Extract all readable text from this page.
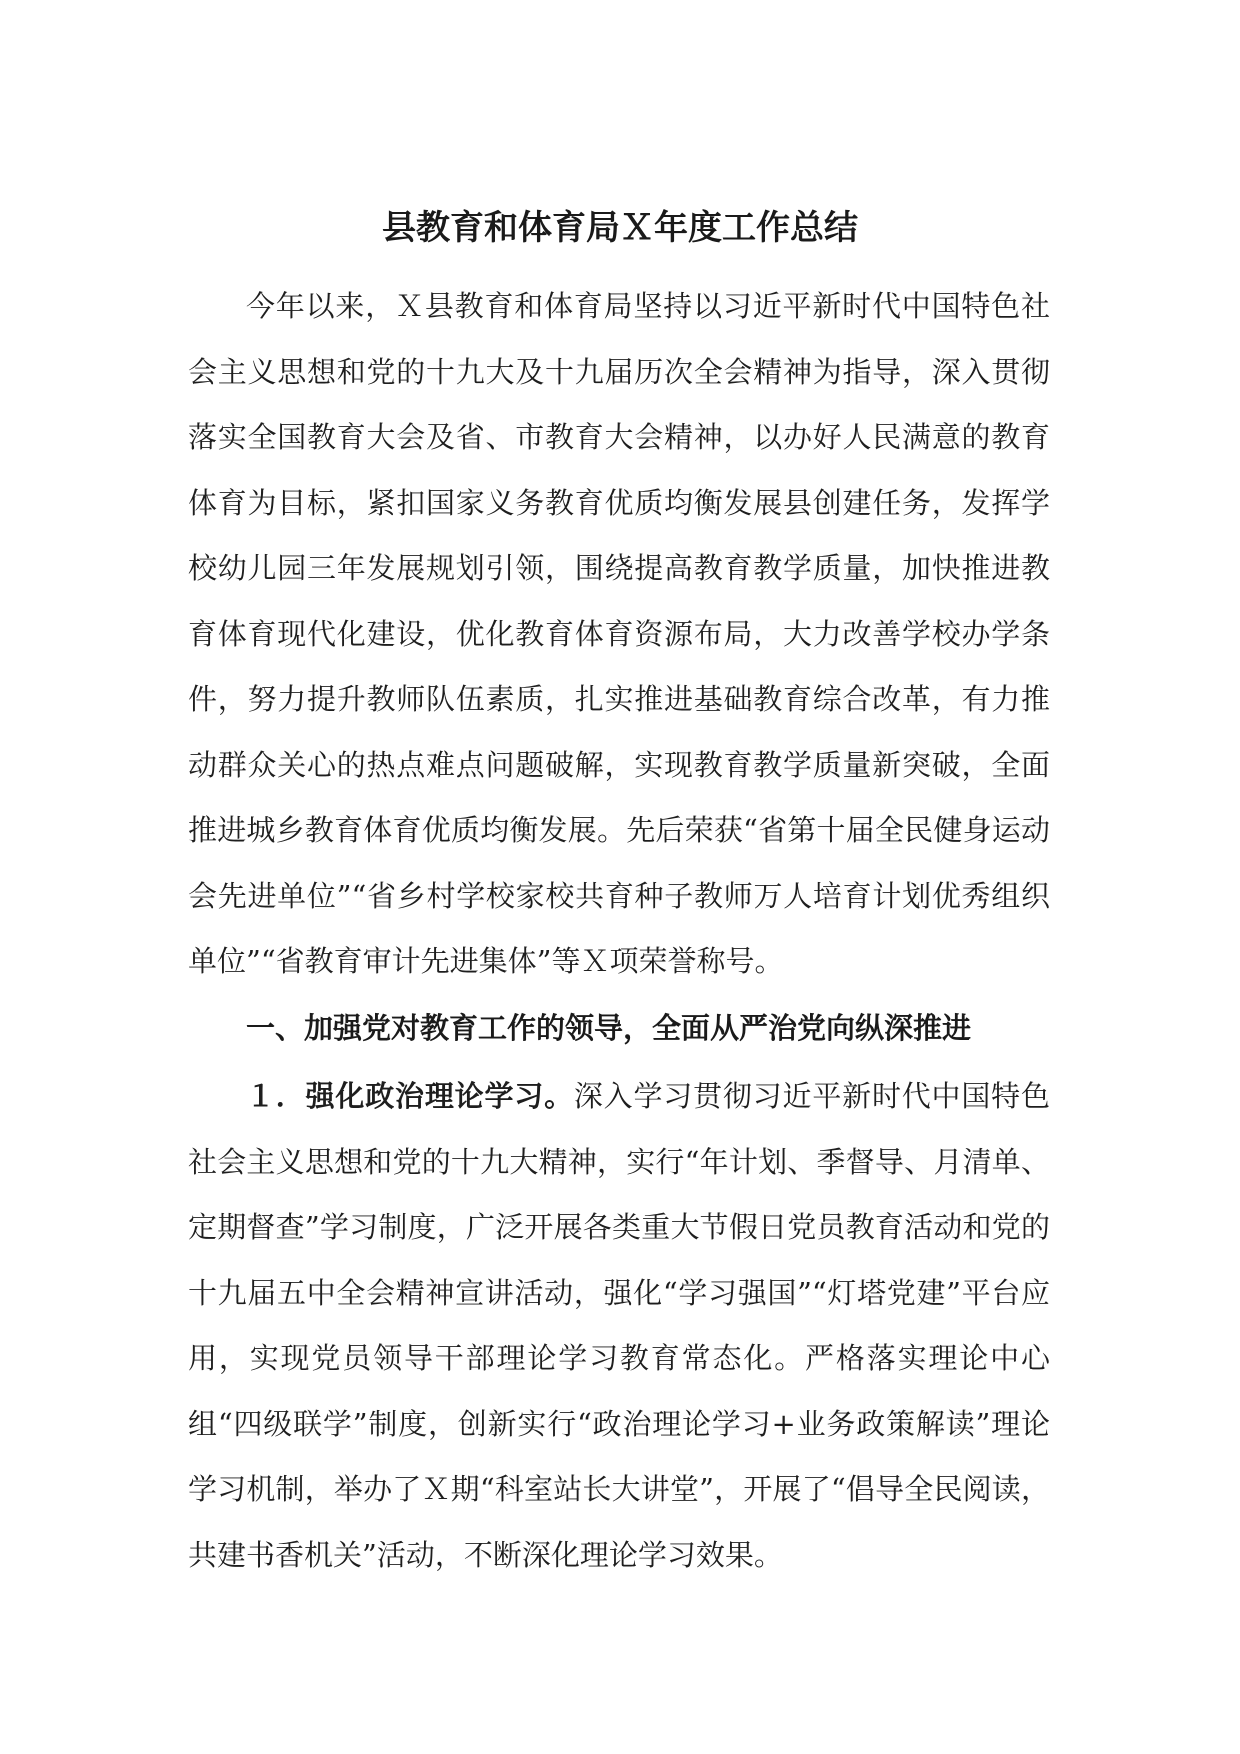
县教育和体育局Ｘ年度工作总结

今年以来，Ｘ县教育和体育局坚持以习近平新时代中国特色社会主义思想和党的十九大及十九届历次全会精神为指导，深入贯彻落实全国教育大会及省、市教育大会精神，以办好人民满意的教育体育为目标，紧扣国家义务教育优质均衡发展县创建任务，发挥学校幼儿园三年发展规划引领，围绕提高教育教学质量，加快推进教育体育现代化建设，优化教育体育资源布局，大力改善学校办学条件，努力提升教师队伍素质，扎实推进基础教育综合改革，有力推动群众关心的热点难点问题破解，实现教育教学质量新突破，全面推进城乡教育体育优质均衡发展。先后荣获“省第十届全民健身运动会先进单位”“省乡村学校家校共育种子教师万人培育计划优秀组织单位”“省教育审计先进集体”等Ｘ项荣誉称号。

一、加强党对教育工作的领导，全面从严治党向纵深推进

１．强化政治理论学习。深入学习贯彻习近平新时代中国特色社会主义思想和党的十九大精神，实行“年计划、季督导、月清单、定期督查”学习制度，广泛开展各类重大节假日党员教育活动和党的十九届五中全会精神宣讲活动，强化“学习强国”“灯塔党建”平台应用，实现党员领导干部理论学习教育常态化。严格落实理论中心组“四级联学”制度，创新实行“政治理论学习+业务政策解读”理论学习机制，举办了Ｘ期“科室站长大讲堂”，开展了“倡导全民阅读，共建书香机关”活动，不断深化理论学习效果。
